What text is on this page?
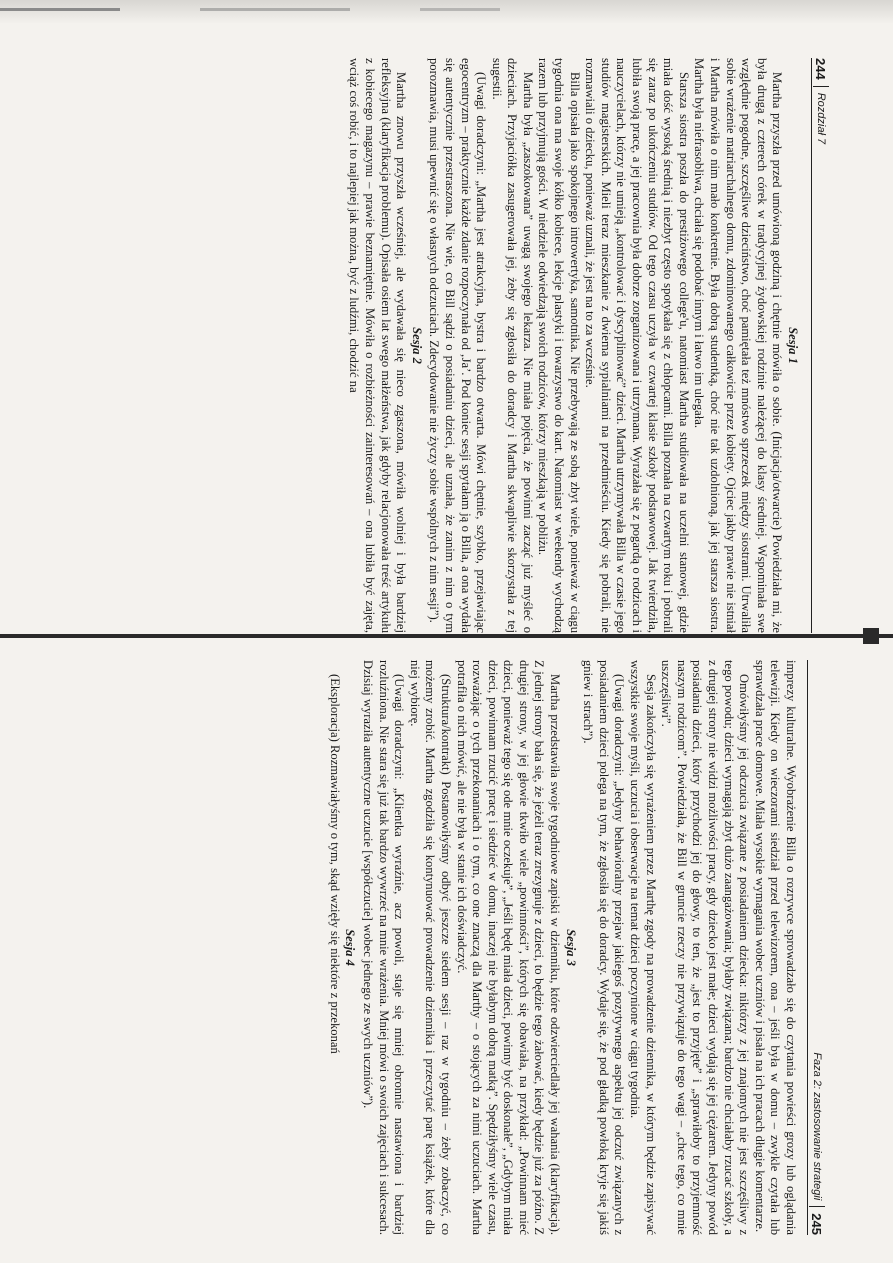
244
Rozdział 7
Sesja 1

Martha przyszła przed umówioną godziną i chętnie mówiła o sobie. (Inicjacja/otwarcie) Powiedziała mi, że była drugą z czterech córek w tradycyjnej żydowskiej rodzinie należącej do klasy średniej. Wspominała swe względnie pogodne, szczęśliwe dzieciństwo, choć pamiętała też mnóstwo sprzeczek między siostrami. Utrwaliła sobie wrażenie matriarchalnego domu, zdominowanego całkowicie przez kobiety. Ojciec jakby prawie nie istniał i Martha mówiła o nim mało konkretnie. Była dobrą studentką, choć nie tak uzdolnioną, jak jej starsza siostra. Martha była niefrasobliwa, chciała się podobać innym i łatwo im ulegała.

Starsza siostra poszła do prestiżowego college'u, natomiast Martha studiowała na uczelni stanowej, gdzie miała dość wysoką średnią i niezbyt często spotykała się z chłopcami. Billa poznała na czwartym roku i pobrali się zaraz po ukończeniu studiów. Od tego czasu uczyła w czwartej klasie szkoły podstawowej. Jak twierdziła, lubiła swoją pracę, a jej pracownia była dobrze zorganizowana i utrzymana. Wyrażała się z pogardą o rodzicach i nauczycielach, którzy nie umieją „kontrolować i dyscyplinować” dzieci. Martha utrzymywała Billa w czasie jego studiów magisterskich. Mieli teraz mieszkanie z dwiema sypialniami na przedmieściu. Kiedy się pobrali, nie rozmawiali o dziecku, ponieważ uznali, że jest na to za wcześnie.

Billa opisała jako spokojnego introwertyka, samotnika. Nie przebywają ze sobą zbyt wiele, ponieważ w ciągu tygodnia ona ma swoje kółko kobiece, lekcje plastyki i towarzystwo do kart. Natomiast w weekendy wychodzą razem lub przyjmują gości. W niedziele odwiedzają swoich rodziców, którzy mieszkają w pobliżu.

Martha była „zaszokowana” uwagą swojego lekarza. Nie miała pojęcia, że powinni zacząć już myśleć o dzieciach. Przyjaciółka zasugerowała jej, żeby się zgłosiła do doradcy i Martha skwapliwie skorzystała z tej sugestii.

(Uwagi doradczyni: „Martha jest atrakcyjna, bystra i bardzo otwarta. Mówi chętnie, szybko, przejawiając egocentryzm – praktycznie każde zdanie rozpoczynała od ‚Ja’. Pod koniec sesji spytałam ją o Billa, a ona wydała się autentycznie przestraszona. Nie wie, co Bill sądzi o posiadaniu dzieci, ale uznała, że zanim z nim o tym porozmawia, musi upewnić się o własnych odczuciach. Zdecydowanie nie życzy sobie wspólnych z nim sesji”).

Sesja 2

Martha znowu przyszła wcześniej, ale wydawała się nieco zgaszona, mówiła wolniej i była bardziej refleksyjna (klaryfikacja problemu). Opisała osiem lat swego małżeństwa, jak gdyby relacjonowała treść artykułu z kobiecego magazynu – prawie beznamiętnie. Mówiła o rozbieżności zainteresowań – ona lubiła być zajęta, wciąż coś robić, i to najlepiej jak można, być z ludźmi, chodzić na

Faza 2: zastosowanie strategii
245

imprezy kulturalne. Wyobrażenie Billa o rozrywce sprowadzało się do czytania powieści grozy lub oglądania telewizji. Kiedy on wieczorami siedział przed telewizorem, ona – jeśli była w domu – zwykle czytała lub sprawdzała prace domowe. Miała wysokie wymagania wobec uczniów i pisała na ich pracach długie komentarze.

Omówiłyśmy jej odczucia związane z posiadaniem dziecka: niktórzy z jej znajomych nie jest szczęśliwy z tego powodu; dzieci wymagają zbyt dużo zaangażowania; byłaby związana; bardzo nie chciałaby rzucać szkoły, a z drugiej strony nie widzi możliwości pracy, gdy dziecko jest małe; dzieci wydają się jej ciężarem. Jedyny powód posiadania dzieci, który przychodzi jej do głowy, to ten, że „jest to przyjęte” i „sprawiłoby to przyjemność naszym rodzicom”. Powiedziała, że Bill w gruncie rzeczy nie przywiązuje do tego wagi – „chce tego, co mnie uszczęśliwi”.

Sesja zakończyła się wyrażeniem przez Marthę zgody na prowadzenie dziennika, w którym będzie zapisywać wszystkie swoje myśli, uczucia i obserwacje na temat dzieci poczynione w ciągu tygodnia.

(Uwagi doradczyni: „Jedyny behawioralny przejaw jakiegoś pozytywnego aspektu jej odczuć związanych z posiadaniem dzieci polega na tym, że zgłosiła się do doradcy. Wydaje się, że pod gładką powłoką kryje się jakiś gniew i strach”).

Sesja 3

Martha przedstawiła swoje tygodniowe zapiski w dzienniku, które odzwierciedlały jej wahania (klaryfikacja). Z jednej strony bała się, że jeżeli teraz zrezygnuje z dzieci, to będzie tego żałować, kiedy będzie już za późno. Z drugiej strony, w jej głowie tkwiło wiele „powinności”, których się obawiała, na przykład: „Powinnam mieć dzieci, ponieważ tego się ode mnie oczekuje”, „Jeśli będę miała dzieci, powinny być doskonałe”, „Gdybym miała dzieci, powinnam rzucić pracę i siedzieć w domu, inaczej nie byłabym dobrą matką”. Spędziłyśmy wiele czasu, rozważając o tych przekonaniach i o tym, co one znaczą dla Marthy – o stojących za nimi uczuciach. Martha potrafiła o nich mówić, ale nie była w stanie ich doświadczyć.

(Struktura/kontrakt) Postanowiłyśmy odbyć jeszcze siedem sesji – raz w tygodniu – żeby zobaczyć, co możemy zrobić. Martha zgodziła się kontynuować prowadzenie dziennika i przeczytać parę książek, które dla niej wybiorę.

(Uwagi doradczyni: „Klientka wyraźnie, acz powoli, staje się mniej obronnie nastawiona i bardziej rozluźniona. Nie stara się już tak bardzo wywrzeć na mnie wrażenia. Mniej mówi o swoich zajęciach i sukcesach. Dzisiaj wyraziła autentyczne uczucie [współczucie] wobec jednego ze swych uczniów”).

Sesja 4

(Eksploracja) Rozmawiałyśmy o tym, skąd wzięły się niektóre z przekonań
